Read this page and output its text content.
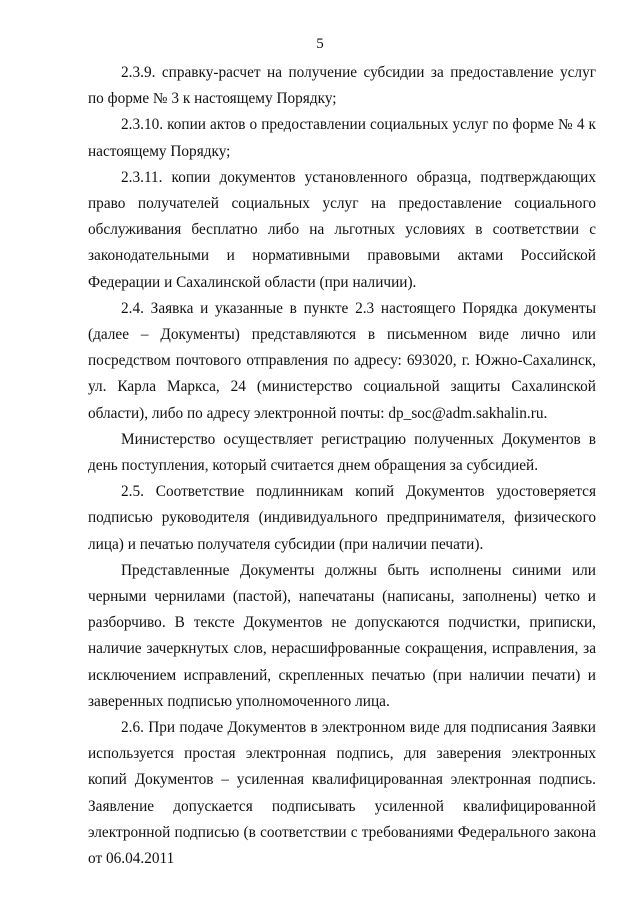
5

2.3.9. справку-расчет на получение субсидии за предоставление услуг по форме № 3 к настоящему Порядку;

2.3.10. копии актов о предоставлении социальных услуг по форме № 4 к настоящему Порядку;

2.3.11. копии документов установленного образца, подтверждающих право получателей социальных услуг на предоставление социального обслуживания бесплатно либо на льготных условиях в соответствии с законодательными и нормативными правовыми актами Российской Федерации и Сахалинской области (при наличии).

2.4. Заявка и указанные в пункте 2.3 настоящего Порядка документы (далее – Документы) представляются в письменном виде лично или посредством почтового отправления по адресу: 693020, г. Южно-Сахалинск, ул. Карла Маркса, 24 (министерство социальной защиты Сахалинской области), либо по адресу электронной почты: dp_soc@adm.sakhalin.ru.

Министерство осуществляет регистрацию полученных Документов в день поступления, который считается днем обращения за субсидией.

2.5. Соответствие подлинникам копий Документов удостоверяется подписью руководителя (индивидуального предпринимателя, физического лица) и печатью получателя субсидии (при наличии печати).

Представленные Документы должны быть исполнены синими или черными чернилами (пастой), напечатаны (написаны, заполнены) четко и разборчиво. В тексте Документов не допускаются подчистки, приписки, наличие зачеркнутых слов, нерасшифрованные сокращения, исправления, за исключением исправлений, скрепленных печатью (при наличии печати) и заверенных подписью уполномоченного лица.

2.6. При подаче Документов в электронном виде для подписания Заявки используется простая электронная подпись, для заверения электронных копий Документов – усиленная квалифицированная электронная подпись. Заявление допускается подписывать усиленной квалифицированной электронной подписью (в соответствии с требованиями Федерального закона от 06.04.2011
